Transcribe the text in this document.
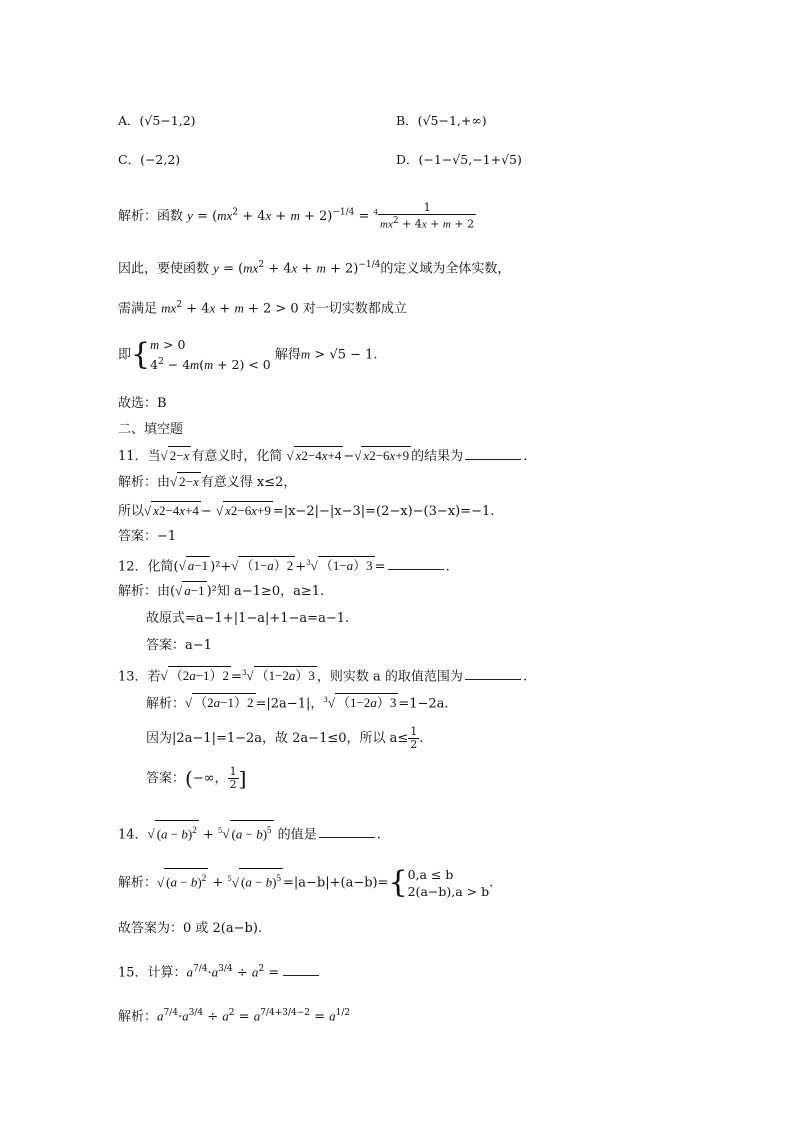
A．(√5−1,2)	B．(√5−1,+∞)
C．(−2,2)	D．(−1−√5,−1+√5)
解析：函数 $y = (mx^2 + 4x + m + 2)^{-1/4} = ^4 \frac{1}{mx^2 + 4x + m + 2}$
因此，要使函数 $y = (mx^2 + 4x + m + 2)^{-1/4}$的定义域为全体实数，
需满足 $mx^2 + 4x + m + 2 > 0$ 对一切实数都成立
即{ m > 0
$4^2 - 4m(m + 2) < 0$
解得m > √5 − 1.
故选：B
二、填空题
11．当√ 2−x 有意义时，化简 √ x2−4x+4 −√ x2−6x+9 的结果为	.
解析：由√ 2−x 有意义得 x≤2，
所以√ x2−4x+4 − √ x2−6x+9 =|x−2|−|x−3|=(2−x)−(3−x)=−1.
答案：−1
12．化简(√ a−1 )²+√ （1−a）2 +$^3$√ （1−a）3 =	.
解析：由(√ a−1 )²知 a−1≥0，a≥1.
故原式=a−1+|1−a|+1−a=a−1.
答案：a−1
13．若√ （2a−1）2 =$^3$√ （1−2a）3 ，则实数 a 的取值范围为	.
解析：√ （2a−1）2 =|2a−1|，$^3$√ （1−2a）3 =1−2a.
因为|2a−1|=1−2a，故 2a−1≤0，所以 $a\le \frac{1}{2}$ .
答案：(−∞， $\frac{1}{2}$ ]
14．√ $(a - b)^2 + ^5√$ $(a - b)^5$ 的值是	.
解析：√ $(a - b)^2 + ^5√$ $(a - b)^5 =|a-b|+(a-b)=${ 0,a ≤ b
2(a−b),a > b
.
故答案为：0 或 2(a−b).
15．计算：$a^{7/4}\cdot a^{3/4} \div a^2$ =
解析：$a^{7/4}\cdot a^{3/4} \div a^2 = a^{7/4+3/4-2} = a^{1/2}$
